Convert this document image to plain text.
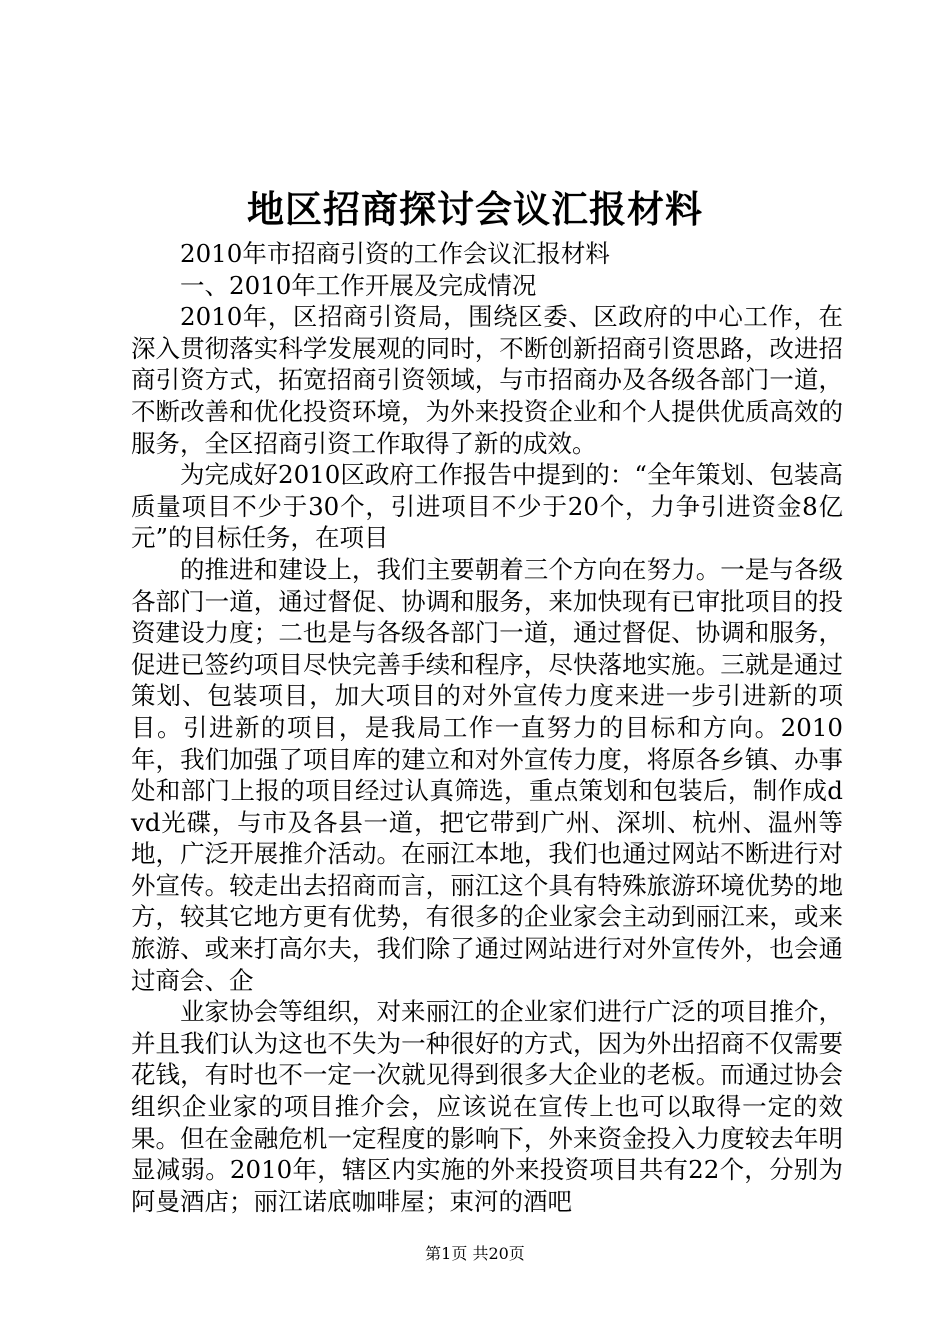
地区招商探讨会议汇报材料

2010年市招商引资的工作会议汇报材料

一、2010年工作开展及完成情况

2010年，区招商引资局，围绕区委、区政府的中心工作，在深入贯彻落实科学发展观的同时，不断创新招商引资思路，改进招商引资方式，拓宽招商引资领域，与市招商办及各级各部门一道，不断改善和优化投资环境，为外来投资企业和个人提供优质高效的服务，全区招商引资工作取得了新的成效。

为完成好2010区政府工作报告中提到的：“全年策划、包装高质量项目不少于30个，引进项目不少于20个，力争引进资金8亿元”的目标任务，在项目

的推进和建设上，我们主要朝着三个方向在努力。一是与各级各部门一道，通过督促、协调和服务，来加快现有已审批项目的投资建设力度；二也是与各级各部门一道，通过督促、协调和服务，促进已签约项目尽快完善手续和程序，尽快落地实施。三就是通过策划、包装项目，加大项目的对外宣传力度来进一步引进新的项目。引进新的项目，是我局工作一直努力的目标和方向。2010年，我们加强了项目库的建立和对外宣传力度，将原各乡镇、办事处和部门上报的项目经过认真筛选，重点策划和包装后，制作成dvd光碟，与市及各县一道，把它带到广州、深圳、杭州、温州等地，广泛开展推介活动。在丽江本地，我们也通过网站不断进行对外宣传。较走出去招商而言，丽江这个具有特殊旅游环境优势的地方，较其它地方更有优势，有很多的企业家会主动到丽江来，或来旅游、或来打高尔夫，我们除了通过网站进行对外宣传外，也会通过商会、企

业家协会等组织，对来丽江的企业家们进行广泛的项目推介，并且我们认为这也不失为一种很好的方式，因为外出招商不仅需要花钱，有时也不一定一次就见得到很多大企业的老板。而通过协会组织企业家的项目推介会，应该说在宣传上也可以取得一定的效果。但在金融危机一定程度的影响下，外来资金投入力度较去年明显减弱。2010年，辖区内实施的外来投资项目共有22个，分别为阿曼酒店；丽江诺底咖啡屋；束河的酒吧

第1页 共20页
